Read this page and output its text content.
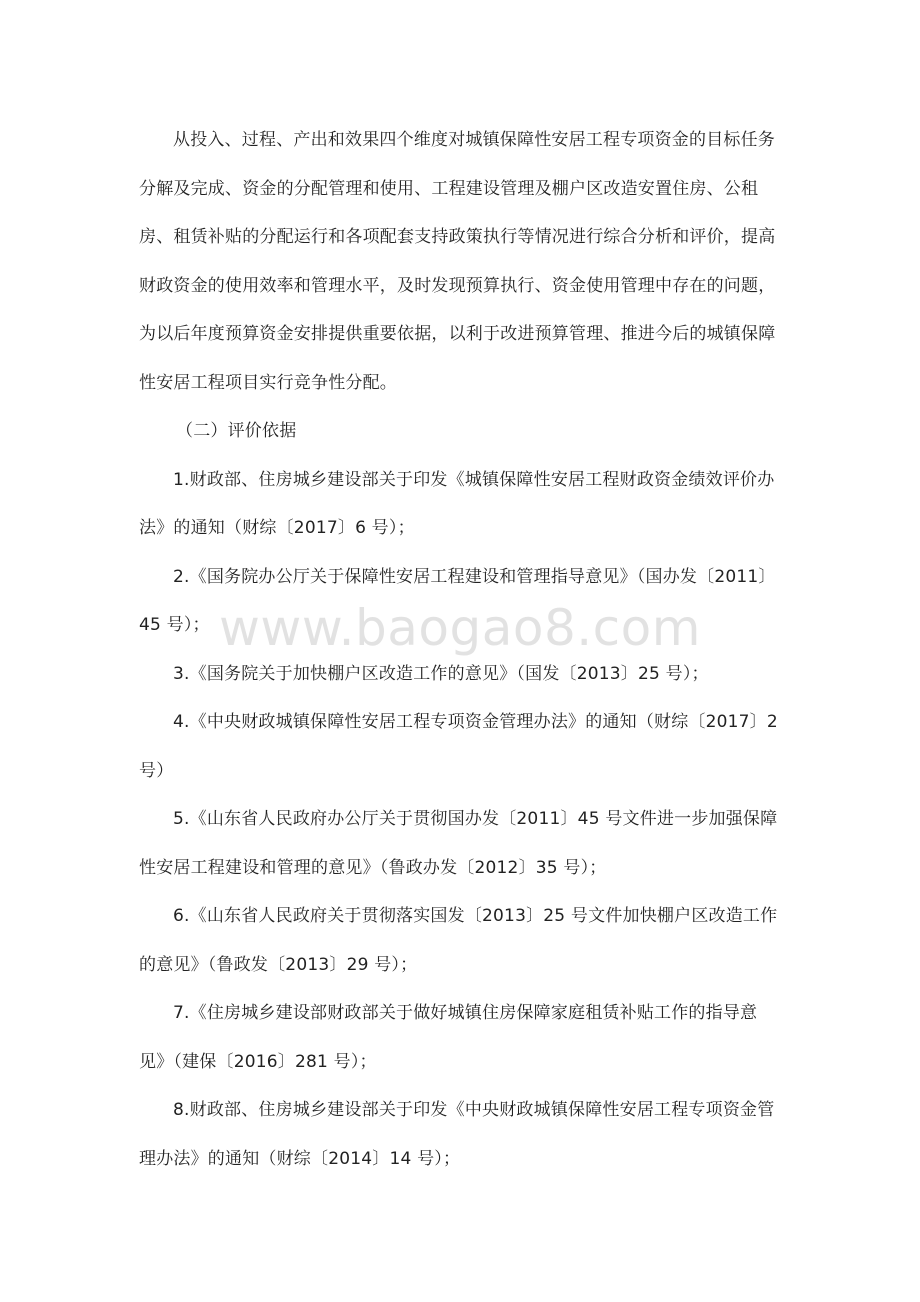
从投入、过程、产出和效果四个维度对城镇保障性安居工程专项资金的目标任务分解及完成、资金的分配管理和使用、工程建设管理及棚户区改造安置住房、公租房、租赁补贴的分配运行和各项配套支持政策执行等情况进行综合分析和评价，提高财政资金的使用效率和管理水平，及时发现预算执行、资金使用管理中存在的问题，为以后年度预算资金安排提供重要依据，以利于改进预算管理、推进今后的城镇保障性安居工程项目实行竞争性分配。

（二）评价依据

1.财政部、住房城乡建设部关于印发《城镇保障性安居工程财政资金绩效评价办法》的通知（财综〔2017〕6 号）；

2.《国务院办公厅关于保障性安居工程建设和管理指导意见》（国办发〔2011〕45 号）；

3.《国务院关于加快棚户区改造工作的意见》（国发〔2013〕25 号）；

4.《中央财政城镇保障性安居工程专项资金管理办法》的通知（财综〔2017〕2 号）

5.《山东省人民政府办公厅关于贯彻国办发〔2011〕45 号文件进一步加强保障性安居工程建设和管理的意见》（鲁政办发〔2012〕35 号）；

6.《山东省人民政府关于贯彻落实国发〔2013〕25 号文件加快棚户区改造工作的意见》（鲁政发〔2013〕29 号）；

7.《住房城乡建设部财政部关于做好城镇住房保障家庭租赁补贴工作的指导意见》（建保〔2016〕281 号）；

8.财政部、住房城乡建设部关于印发《中央财政城镇保障性安居工程专项资金管理办法》的通知（财综〔2014〕14 号）；

www.baogao8.com
